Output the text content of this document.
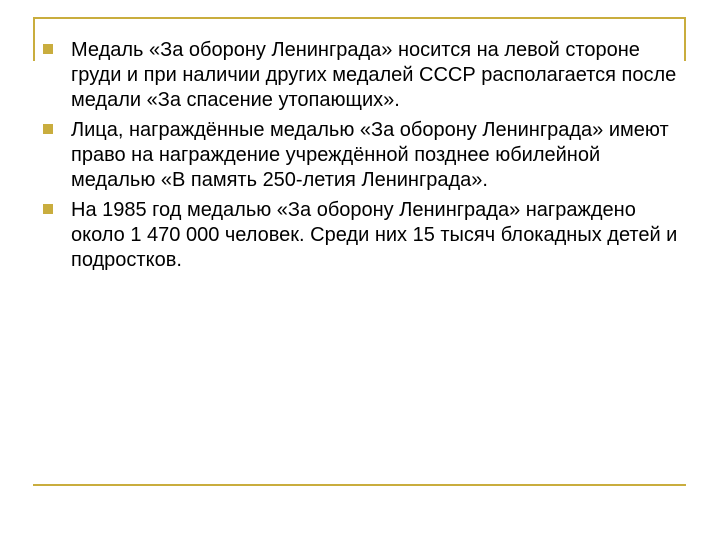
Медаль «За оборону Ленинграда» носится на левой стороне груди и при наличии других медалей СССР располагается после медали «За спасение утопающих».
Лица, награждённые медалью «За оборону Ленинграда» имеют право на награждение учреждённой позднее юбилейной медалью «В память 250-летия Ленинграда».
На 1985 год медалью «За оборону Ленинграда» награждено около 1 470 000 человек. Среди них 15 тысяч блокадных детей и подростков.
